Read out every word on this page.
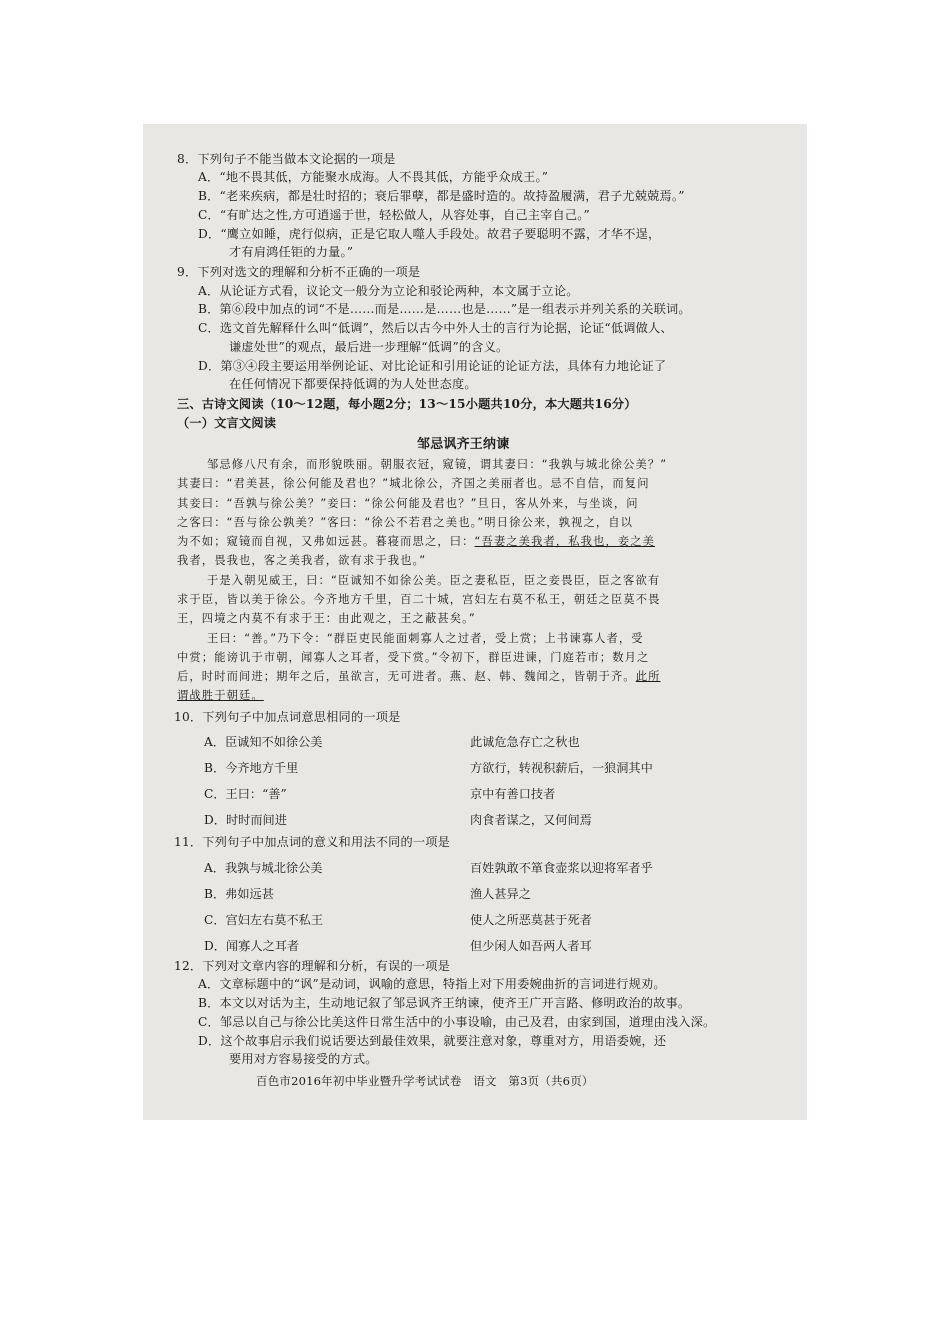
8．下列句子不能当做本文论据的一项是
A．“地不畏其低，方能聚水成海。人不畏其低，方能乎众成王。”
B．“老来疾病，都是壮时招的；衰后罪孽，都是盛时造的。故持盈履满，君子尤兢兢焉。”
C．“有旷达之性,方可逍遥于世，轻松做人，从容处事，自己主宰自己。”
D．“鹰立如睡，虎行似病，正是它取人噬人手段处。故君子要聪明不露，才华不逞，
才有肩鸿任钜的力量。”
9．下列对选文的理解和分析不正确的一项是
A．从论证方式看，议论文一般分为立论和驳论两种，本文属于立论。
B．第⑥段中加点的词“不是……而是……是……也是……”是一组表示并列关系的关联词。
C．选文首先解释什么叫“低调”，然后以古今中外人士的言行为论据，论证“低调做人、
谦虚处世”的观点，最后进一步理解“低调”的含义。
D．第③④段主要运用举例论证、对比论证和引用论证的论证方法，具体有力地论证了
在任何情况下都要保持低调的为人处世态度。
三、古诗文阅读（10～12题，每小题2分；13～15小题共10分，本大题共16分）
（一）文言文阅读
邹忌讽齐王纳谏
邹忌修八尺有余，而形貌昳丽。朝服衣冠，窥镜，谓其妻曰：“我孰与城北徐公美？”
其妻曰：“君美甚，徐公何能及君也？”城北徐公，齐国之美丽者也。忌不自信，而复问
其妾曰：“吾孰与徐公美？”妾曰：“徐公何能及君也？”旦日，客从外来，与坐谈，问
之客曰：“吾与徐公孰美？”客曰：“徐公不若君之美也。”明日徐公来，孰视之，自以
为不如；窥镜而自视，又弗如远甚。暮寝而思之，曰：“吾妻之美我者，私我也，妾之美
我者，畏我也，客之美我者，欲有求于我也。”
于是入朝见威王，曰：“臣诚知不如徐公美。臣之妻私臣，臣之妾畏臣，臣之客欲有
求于臣，皆以美于徐公。今齐地方千里，百二十城，宫妇左右莫不私王，朝廷之臣莫不畏
王，四境之内莫不有求于王：由此观之，王之蔽甚矣。”
王曰：“善。”乃下令：“群臣吏民能面刺寡人之过者，受上赏；上书谏寡人者，受
中赏；能谤讥于市朝，闻寡人之耳者，受下赏。”令初下，群臣进谏，门庭若市；数月之
后，时时而间进；期年之后，虽欲言，无可进者。燕、赵、韩、魏闻之，皆朝于齐。此所
谓战胜于朝廷。
10．下列句子中加点词意思相同的一项是
A．臣诚知不如徐公美	此诚危急存亡之秋也
B．今齐地方千里	方欲行，转视积薪后，一狼洞其中
C．王曰：“善”	京中有善口技者
D．时时而间进	肉食者谋之，又何间焉
11．下列句子中加点词的意义和用法不同的一项是
A．我孰与城北徐公美	百姓孰敢不箪食壶浆以迎将军者乎
B．弗如远甚	渔人甚异之
C．宫妇左右莫不私王	使人之所恶莫甚于死者
D．闻寡人之耳者	但少闲人如吾两人者耳
12．下列对文章内容的理解和分析，有误的一项是
A．文章标题中的“讽”是动词，讽喻的意思，特指上对下用委婉曲折的言词进行规劝。
B．本文以对话为主，生动地记叙了邹忌讽齐王纳谏，使齐王广开言路、修明政治的故事。
C．邹忌以自己与徐公比美这件日常生活中的小事设喻，由己及君，由家到国，道理由浅入深。
D．这个故事启示我们说话要达到最佳效果，就要注意对象，尊重对方，用语委婉，还
要用对方容易接受的方式。
百色市2016年初中毕业暨升学考试试卷　语文　第3页（共6页）
